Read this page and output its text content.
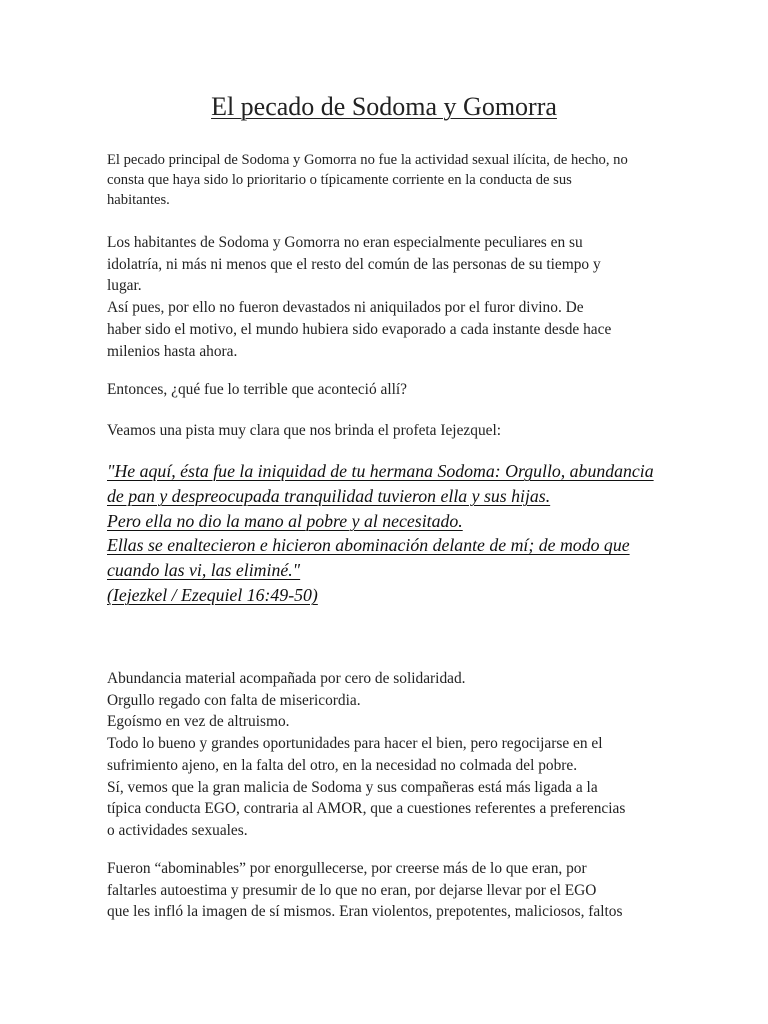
El pecado de Sodoma y Gomorra

El pecado principal de Sodoma y Gomorra no fue la actividad sexual ilícita, de hecho, no
consta que haya sido lo prioritario o típicamente corriente en la conducta de sus
habitantes.

Los habitantes de Sodoma y Gomorra no eran especialmente peculiares en su
idolatría, ni más ni menos que el resto del común de las personas de su tiempo y
lugar.
Así pues, por ello no fueron devastados ni aniquilados por el furor divino. De
haber sido el motivo, el mundo hubiera sido evaporado a cada instante desde hace
milenios hasta ahora.

Entonces, ¿qué fue lo terrible que aconteció allí?

Veamos una pista muy clara que nos brinda el profeta Iejezquel:

"He aquí, ésta fue la iniquidad de tu hermana Sodoma: Orgullo, abundancia
de pan y despreocupada tranquilidad tuvieron ella y sus hijas.
Pero ella no dio la mano al pobre y al necesitado.
Ellas se enaltecieron e hicieron abominación delante de mí; de modo que
cuando las vi, las eliminé."
(Iejezkel / Ezequiel 16:49-50)

Abundancia material acompañada por cero de solidaridad.
Orgullo regado con falta de misericordia.
Egoísmo en vez de altruismo.
Todo lo bueno y grandes oportunidades para hacer el bien, pero regocijarse en el
sufrimiento ajeno, en la falta del otro, en la necesidad no colmada del pobre.
Sí, vemos que la gran malicia de Sodoma y sus compañeras está más ligada a la
típica conducta EGO, contraria al AMOR, que a cuestiones referentes a preferencias
o actividades sexuales.

Fueron “abominables” por enorgullecerse, por creerse más de lo que eran, por
faltarles autoestima y presumir de lo que no eran, por dejarse llevar por el EGO
que les infló la imagen de sí mismos. Eran violentos, prepotentes, maliciosos, faltos
